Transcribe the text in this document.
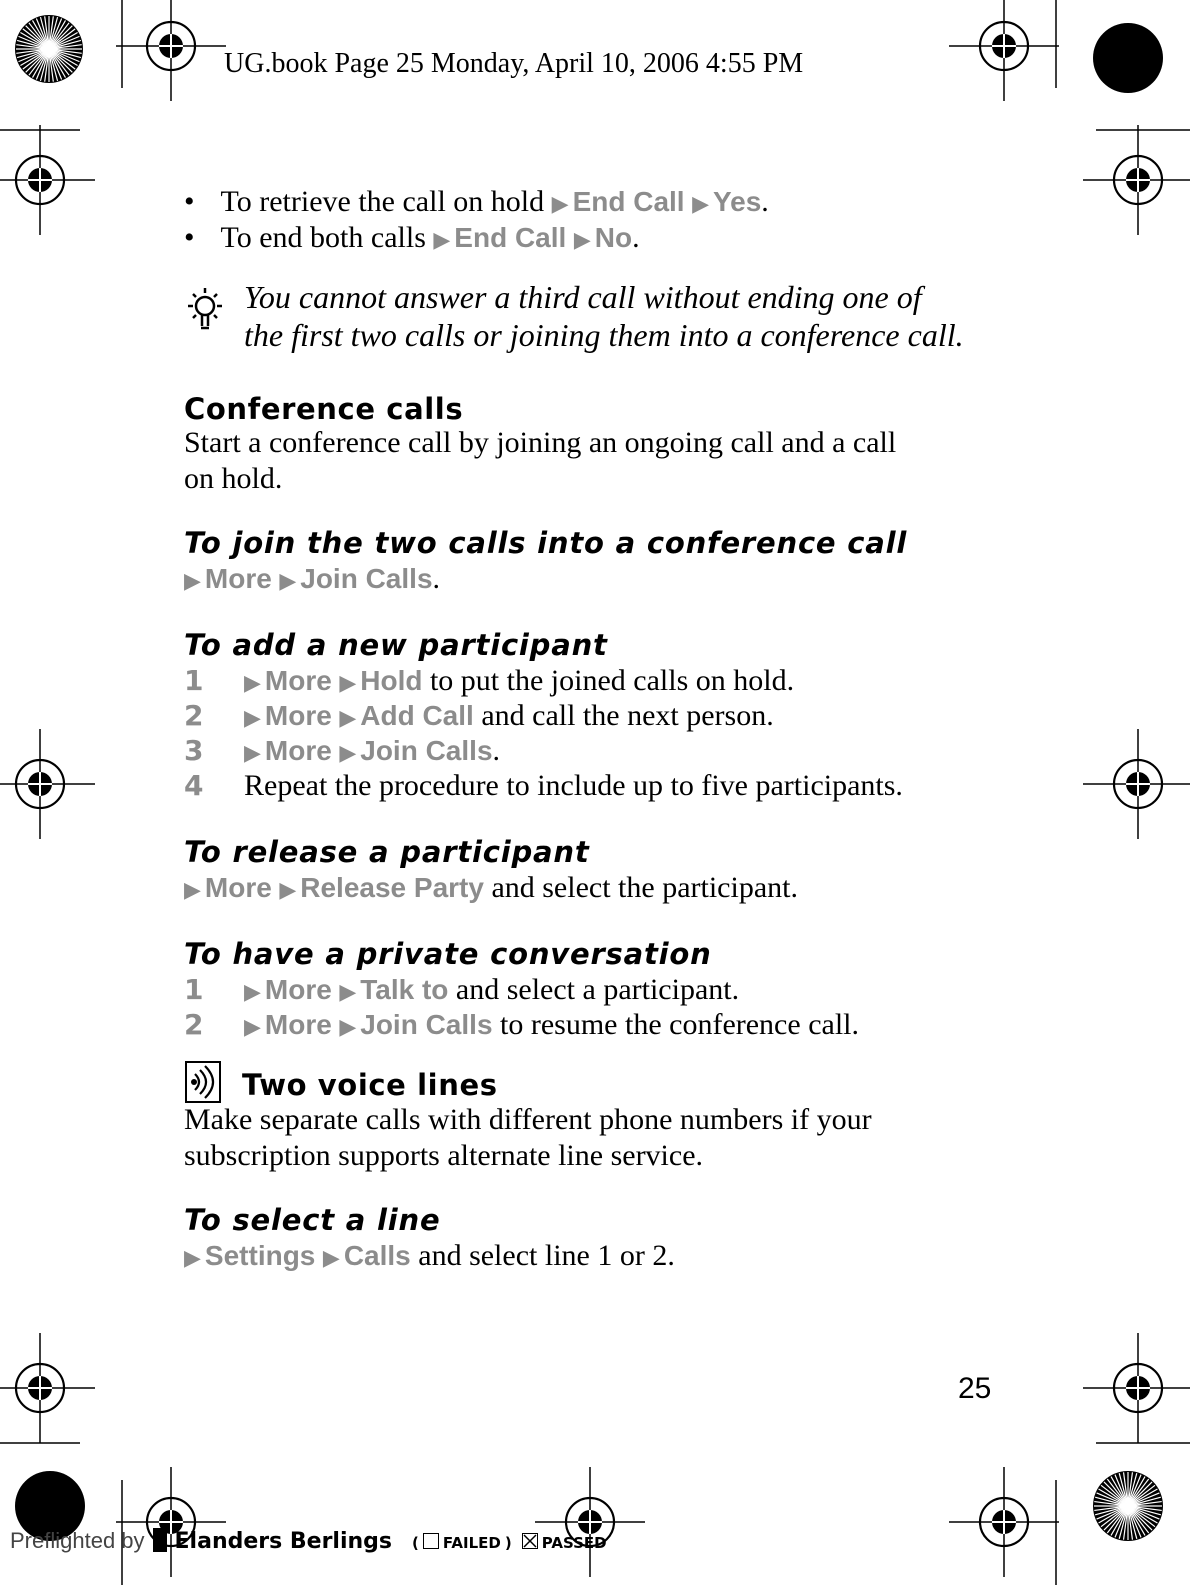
UG.book Page 25 Monday, April 10, 2006 4:55 PM
• To retrieve the call on hold ▶ End Call ▶ Yes.
• To end both calls ▶ End Call ▶ No.
You cannot answer a third call without ending one of
the first two calls or joining them into a conference call.
Conference calls
Start a conference call by joining an ongoing call and a call
on hold.
To join the two calls into a conference call
▶ More ▶ Join Calls.
To add a new participant
1 ▶ More ▶ Hold to put the joined calls on hold.
2 ▶ More ▶ Add Call and call the next person.
3 ▶ More ▶ Join Calls.
4 Repeat the procedure to include up to five participants.
To release a participant
▶ More ▶ Release Party and select the participant.
To have a private conversation
1 ▶ More ▶ Talk to and select a participant.
2 ▶ More ▶ Join Calls to resume the conference call.
Two voice lines
Make separate calls with different phone numbers if your
subscription supports alternate line service.
To select a line
▶ Settings ▶ Calls and select line 1 or 2.
25
Preflighted by Elanders Berlings ( FAILED ) PASSED
